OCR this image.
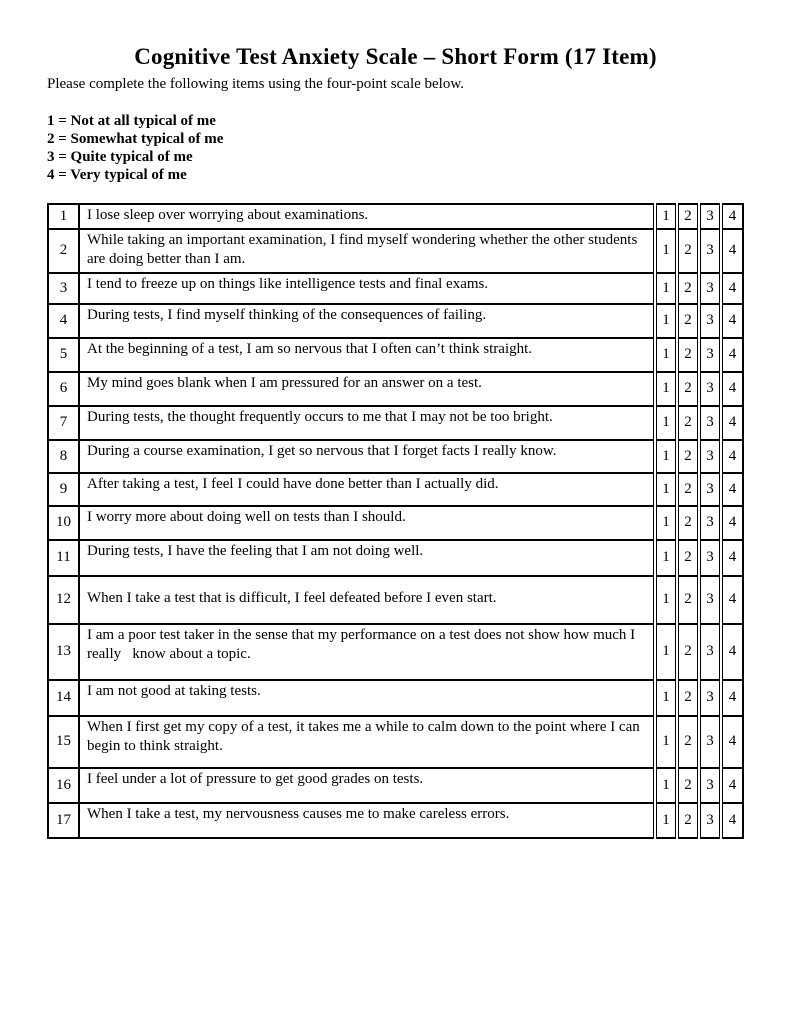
Cognitive Test Anxiety Scale – Short Form (17 Item)

Please complete the following items using the four-point scale below.

1 = Not at all typical of me
2 = Somewhat typical of me
3 = Quite typical of me
4 = Very typical of me
1	I lose sleep over worrying about examinations.	1	2	3	4
2	While taking an important examination, I find myself wondering whether the other students are doing better than I am.	1	2	3	4
3	I tend to freeze up on things like intelligence tests and final exams.	1	2	3	4
4	During tests, I find myself thinking of the consequences of failing.	1	2	3	4
5	At the beginning of a test, I am so nervous that I often can’t think straight.	1	2	3	4
6	My mind goes blank when I am pressured for an answer on a test.	1	2	3	4
7	During tests, the thought frequently occurs to me that I may not be too bright.	1	2	3	4
8	During a course examination, I get so nervous that I forget facts I really know.	1	2	3	4
9	After taking a test, I feel I could have done better than I actually did.	1	2	3	4
10	I worry more about doing well on tests than I should.	1	2	3	4
11	During tests, I have the feeling that I am not doing well.	1	2	3	4
12	When I take a test that is difficult, I feel defeated before I even start.	1	2	3	4
13	I am a poor test taker in the sense that my performance on a test does not show how much I really   know about a topic.	1	2	3	4
14	I am not good at taking tests.	1	2	3	4
15	When I first get my copy of a test, it takes me a while to calm down to the point where I can begin to think straight.	1	2	3	4
16	I feel under a lot of pressure to get good grades on tests.	1	2	3	4
17	When I take a test, my nervousness causes me to make careless errors.	1	2	3	4
